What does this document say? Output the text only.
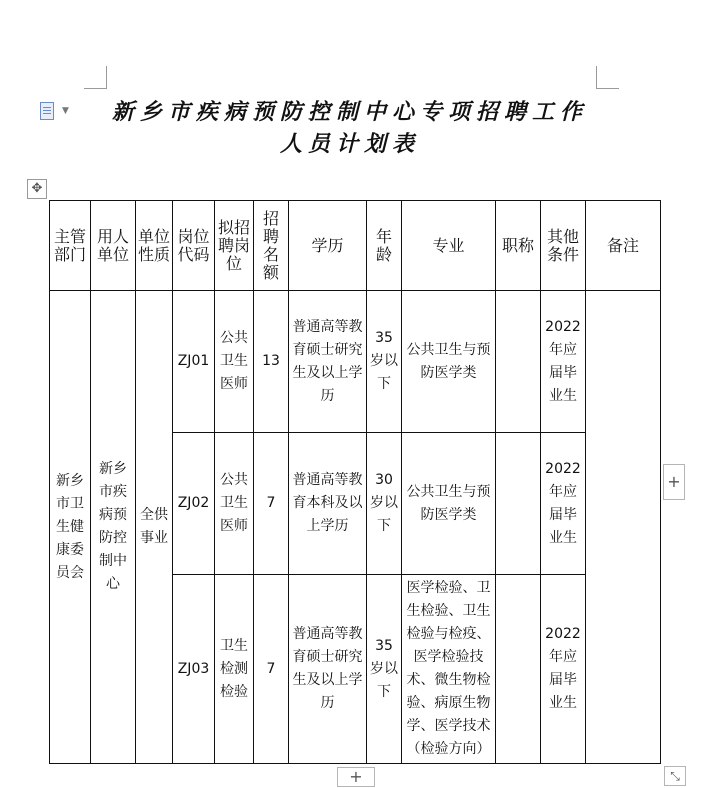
▼	新乡市疾病预防控制中心专项招聘工作人员计划表
✥
主管部门	用人单位	单位性质	岗位代码	拟招聘岗位	招聘名额	学历	年龄	专业	职称	其他条件	备注
新乡市卫生健康委员会	新乡市疾病预防控制中心	全供事业	ZJ01	公共卫生医师	13	普通高等教育硕士研究生及以上学历	35岁以下	公共卫生与预防医学类		2022年应届毕业生	
			ZJ02	公共卫生医师	7	普通高等教育本科及以上学历	30岁以下	公共卫生与预防医学类		2022年应届毕业生	
			ZJ03	卫生检测检验	7	普通高等教育硕士研究生及以上学历	35岁以下	医学检验、卫生检验、卫生检验与检疫、医学检验技术、微生物检验、病原生物学、医学技术（检验方向）		2022年应届毕业生	
+
+	⤡
